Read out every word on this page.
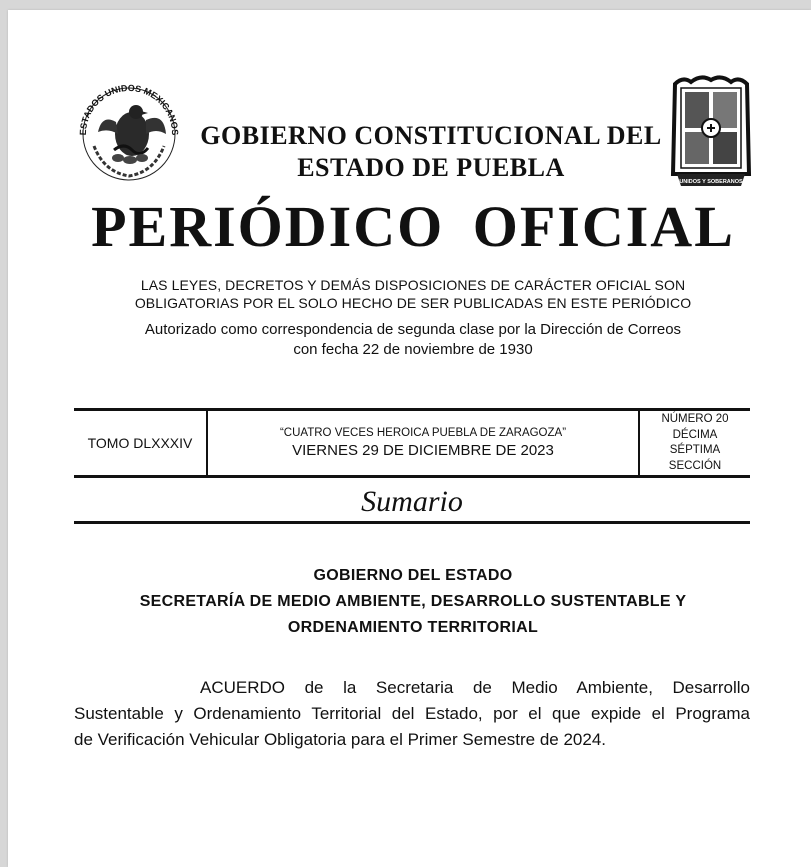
ESTADOS UNIDOS MEXICANOS
UNIDOS Y SOBERANOS
GOBIERNO CONSTITUCIONAL DEL
ESTADO DE PUEBLA
PERIÓDICO OFICIAL
LAS LEYES, DECRETOS Y DEMÁS DISPOSICIONES DE CARÁCTER OFICIAL SON
OBLIGATORIAS POR EL SOLO HECHO DE SER PUBLICADAS EN ESTE PERIÓDICO
Autorizado como correspondencia de segunda clase por la Dirección de Correos
con fecha 22 de noviembre de 1930
TOMO DLXXXIV
“CUATRO VECES HEROICA PUEBLA DE ZARAGOZA”
VIERNES 29 DE DICIEMBRE DE 2023
NÚMERO 20
DÉCIMA
SÉPTIMA
SECCIÓN
Sumario
GOBIERNO DEL ESTADO
SECRETARÍA DE MEDIO AMBIENTE, DESARROLLO SUSTENTABLE Y
ORDENAMIENTO TERRITORIAL
ACUERDO de la Secretaria de Medio Ambiente, Desarrollo
Sustentable y Ordenamiento Territorial del Estado, por el que expide el Programa
de Verificación Vehicular Obligatoria para el Primer Semestre de 2024.
